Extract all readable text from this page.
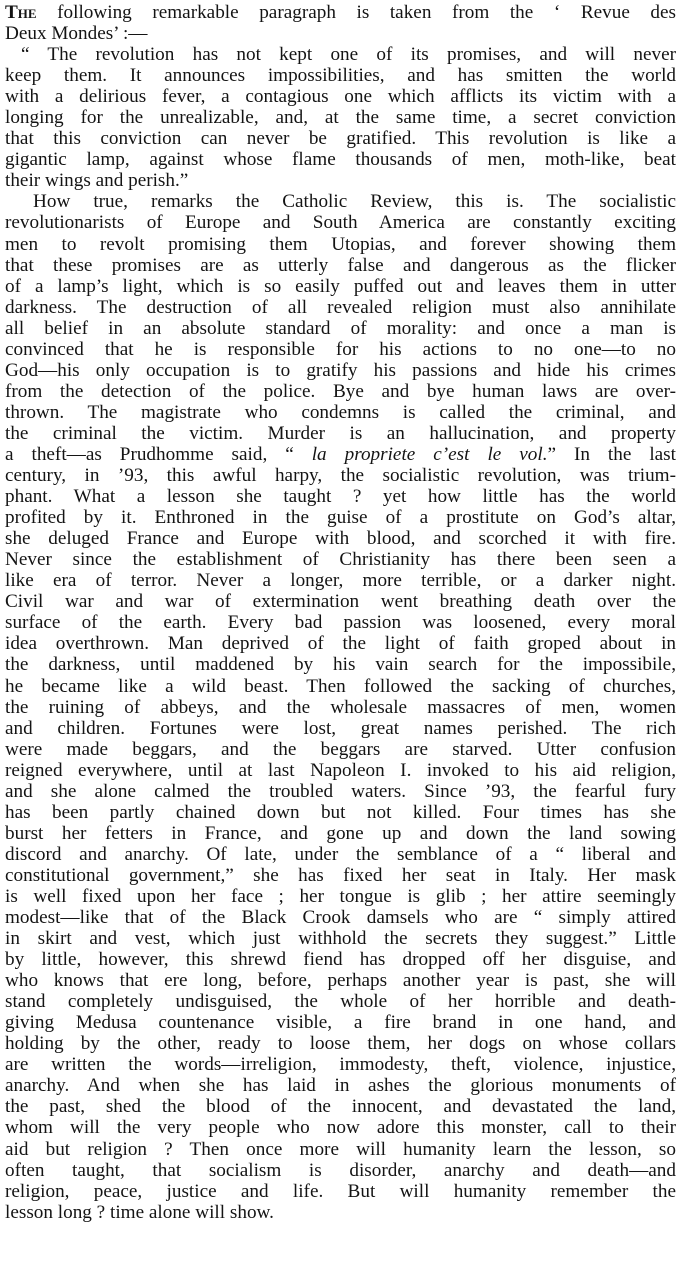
The following remarkable paragraph is taken from the ‘ Revue des
Deux Mondes’ :—
“ The revolution has not kept one of its promises, and will never
keep them. It announces impossibilities, and has smitten the world
with a delirious fever, a contagious one which afflicts its victim with a
longing for the unrealizable, and, at the same time, a secret conviction
that this conviction can never be gratified. This revolution is like a
gigantic lamp, against whose flame thousands of men, moth-like, beat
their wings and perish.”
How true, remarks the Catholic Review, this is. The socialistic
revolutionarists of Europe and South America are constantly exciting
men to revolt promising them Utopias, and forever showing them
that these promises are as utterly false and dangerous as the flicker
of a lamp’s light, which is so easily puffed out and leaves them in utter
darkness. The destruction of all revealed religion must also annihilate
all belief in an absolute standard of morality: and once a man is
convinced that he is responsible for his actions to no one—to no
God—his only occupation is to gratify his passions and hide his crimes
from the detection of the police. Bye and bye human laws are over-
thrown. The magistrate who condemns is called the criminal, and
the criminal the victim. Murder is an hallucination, and property
a theft—as Prudhomme said, “ la propriete c’est le vol.” In the last
century, in ’93, this awful harpy, the socialistic revolution, was trium-
phant. What a lesson she taught ? yet how little has the world
profited by it. Enthroned in the guise of a prostitute on God’s altar,
she deluged France and Europe with blood, and scorched it with fire.
Never since the establishment of Christianity has there been seen a
like era of terror. Never a longer, more terrible, or a darker night.
Civil war and war of extermination went breathing death over the
surface of the earth. Every bad passion was loosened, every moral
idea overthrown. Man deprived of the light of faith groped about in
the darkness, until maddened by his vain search for the impossibile,
he became like a wild beast. Then followed the sacking of churches,
the ruining of abbeys, and the wholesale massacres of men, women
and children. Fortunes were lost, great names perished. The rich
were made beggars, and the beggars are starved. Utter confusion
reigned everywhere, until at last Napoleon I. invoked to his aid religion,
and she alone calmed the troubled waters. Since ’93, the fearful fury
has been partly chained down but not killed. Four times has she
burst her fetters in France, and gone up and down the land sowing
discord and anarchy. Of late, under the semblance of a “ liberal and
constitutional government,” she has fixed her seat in Italy. Her mask
is well fixed upon her face ; her tongue is glib ; her attire seemingly
modest—like that of the Black Crook damsels who are “ simply attired
in skirt and vest, which just withhold the secrets they suggest.” Little
by little, however, this shrewd fiend has dropped off her disguise, and
who knows that ere long, before, perhaps another year is past, she will
stand completely undisguised, the whole of her horrible and death-
giving Medusa countenance visible, a fire brand in one hand, and
holding by the other, ready to loose them, her dogs on whose collars
are written the words—irreligion, immodesty, theft, violence, injustice,
anarchy. And when she has laid in ashes the glorious monuments of
the past, shed the blood of the innocent, and devastated the land,
whom will the very people who now adore this monster, call to their
aid but religion ? Then once more will humanity learn the lesson, so
often taught, that socialism is disorder, anarchy and death—and
religion, peace, justice and life. But will humanity remember the
lesson long ? time alone will show.
